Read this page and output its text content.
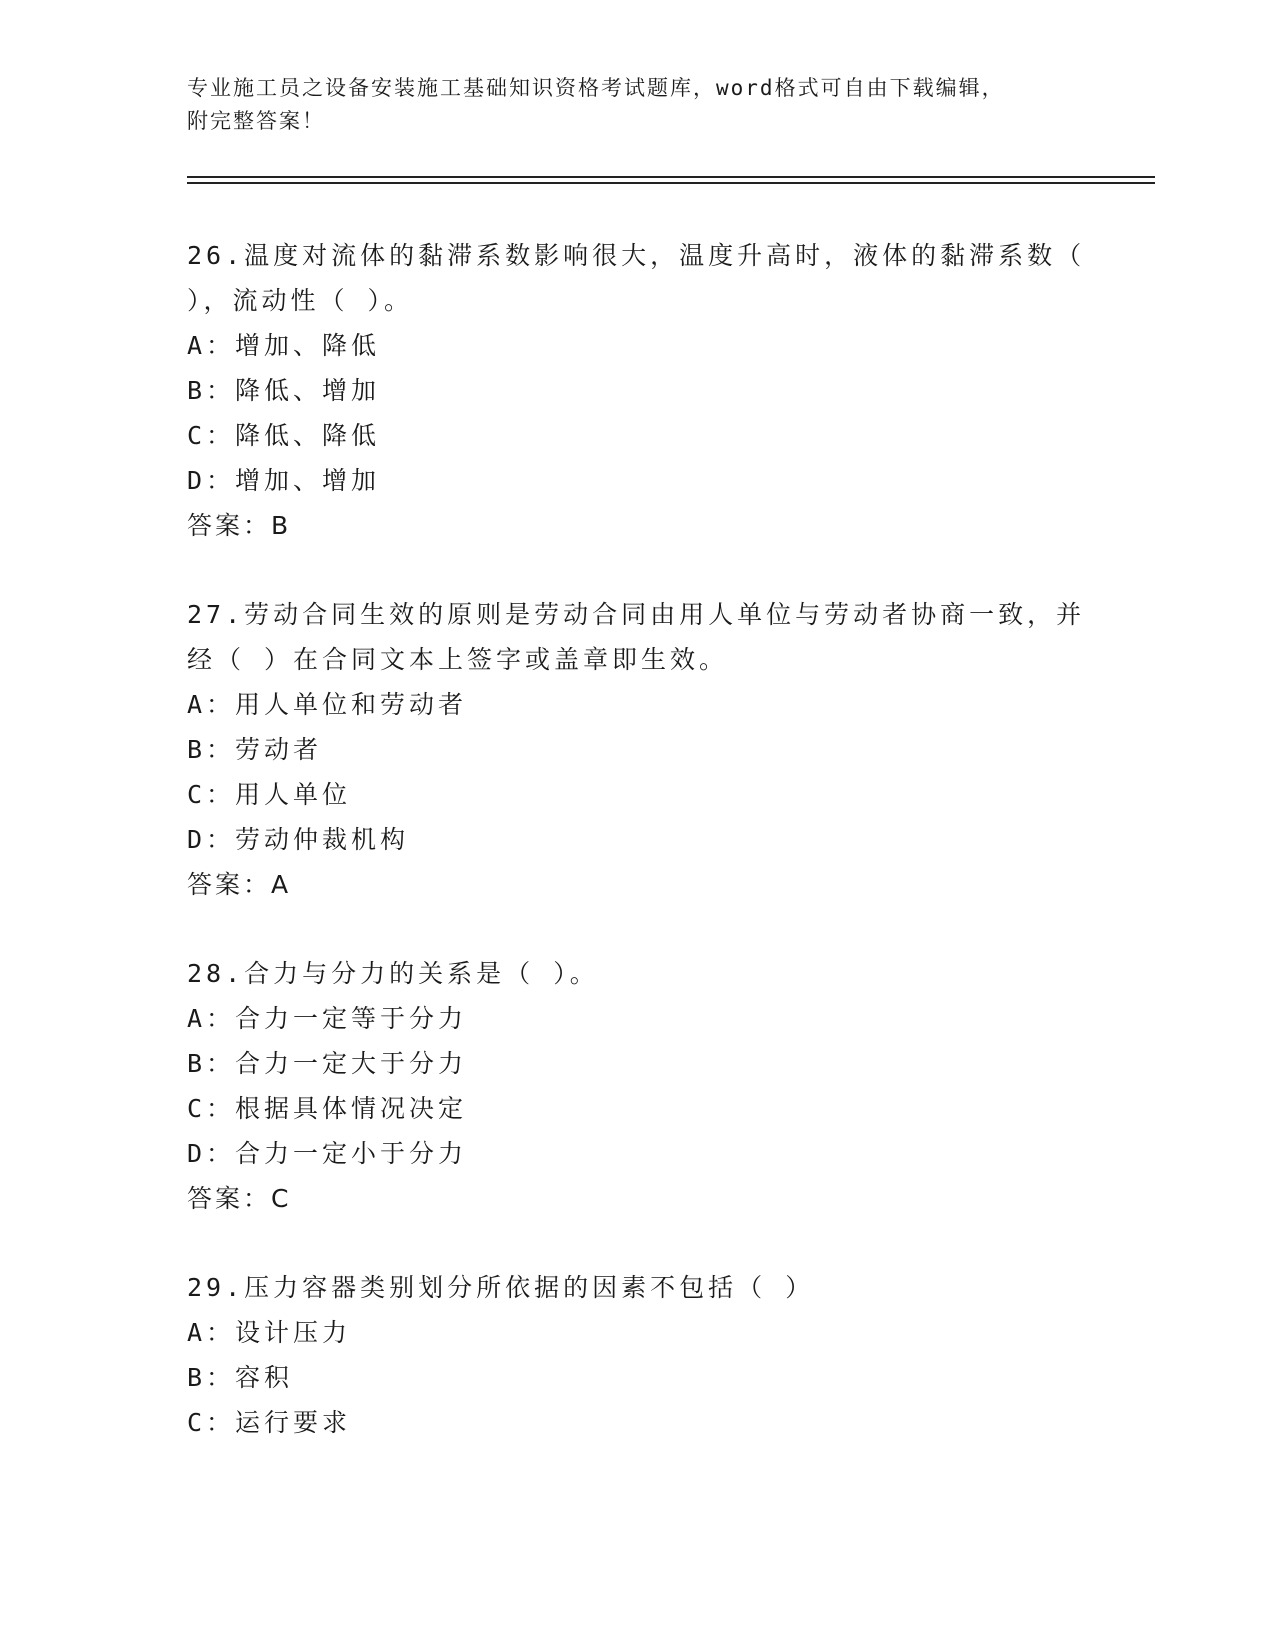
专业施工员之设备安装施工基础知识资格考试题库，word格式可自由下载编辑，
附完整答案！

26.温度对流体的黏滞系数影响很大，温度升高时，液体的黏滞系数（ ），流动性（ ）。

A：增加、降低

B：降低、增加

C：降低、降低

D：增加、增加

答案：B

27.劳动合同生效的原则是劳动合同由用人单位与劳动者协商一致，并经（ ）在合同文本上签字或盖章即生效。

A：用人单位和劳动者

B：劳动者

C：用人单位

D：劳动仲裁机构

答案：A

28.合力与分力的关系是（ ）。

A：合力一定等于分力

B：合力一定大于分力

C：根据具体情况决定

D：合力一定小于分力

答案：C

29.压力容器类别划分所依据的因素不包括（ ）

A：设计压力

B：容积

C：运行要求
